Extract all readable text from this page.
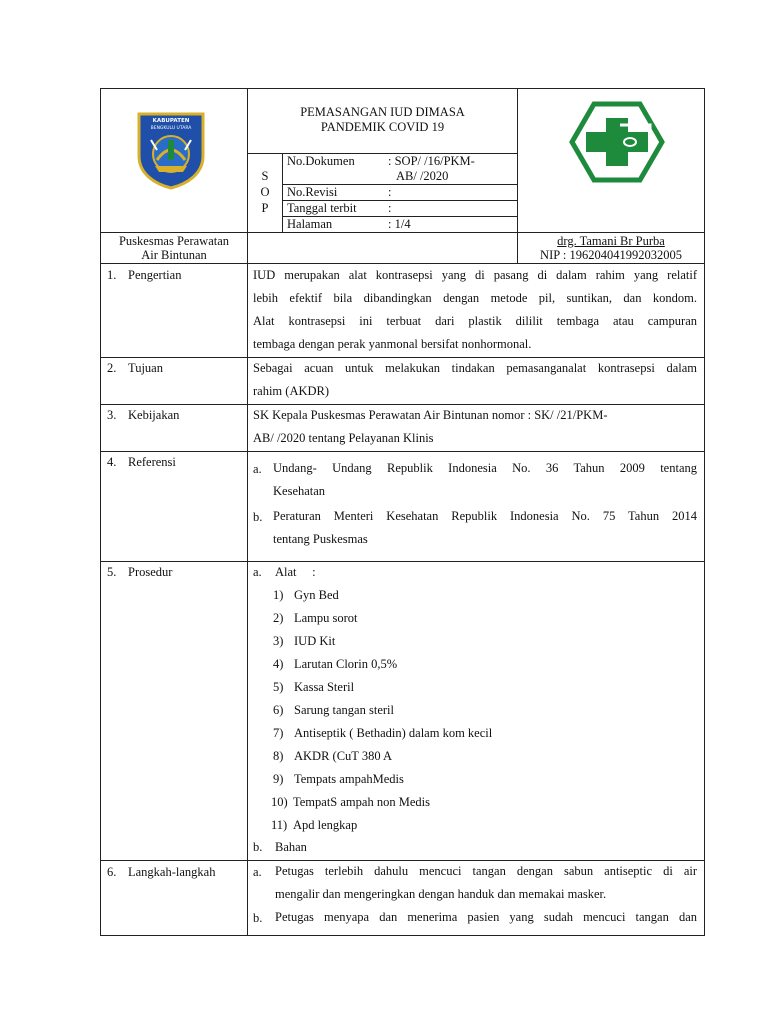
KABUPATEN
BENGKULU UTARA
PEMASANGAN IUD DIMASA
PANDEMIK COVID 19
S
O
P
No.Dokumen	: SOP/ /16/PKM-
AB/ /2020
No.Revisi	:
Tanggal terbit	:
Halaman	: 1/4
Puskesmas Perawatan
Air Bintunan
drg. Tamani Br Purba
NIP : 196204041992032005
1. Pengertian	IUD merupakan alat kontrasepsi yang di pasang di dalam rahim yang relatif
lebih efektif bila dibandingkan dengan metode pil, suntikan, dan kondom.
Alat kontrasepsi ini terbuat dari plastik dililit tembaga atau campuran
tembaga dengan perak yanmonal bersifat nonhormonal.
2. Tujuan	Sebagai acuan untuk melakukan tindakan pemasanganalat kontrasepsi dalam
rahim (AKDR)
3. Kebijakan	SK Kepala Puskesmas Perawatan Air Bintunan nomor : SK/ /21/PKM-
AB/ /2020 tentang Pelayanan Klinis
4. Referensi	a. Undang- Undang Republik Indonesia No. 36 Tahun 2009 tentang
Kesehatan
b. Peraturan Menteri Kesehatan Republik Indonesia No. 75 Tahun 2014
tentang Puskesmas
5. Prosedur	a. Alat     :
1) Gyn Bed
2) Lampu sorot
3) IUD Kit
4) Larutan Clorin 0,5%
5) Kassa Steril
6) Sarung tangan steril
7) Antiseptik ( Bethadin) dalam kom kecil
8) AKDR (CuT 380 A
9) Tempats ampahMedis
10) TempatS ampah non Medis
11) Apd lengkap
b. Bahan
6. Langkah-langkah	a. Petugas terlebih dahulu mencuci tangan dengan sabun antiseptic di air
mengalir dan mengeringkan dengan handuk dan memakai masker.
b. Petugas menyapa dan menerima pasien yang sudah mencuci tangan dan
